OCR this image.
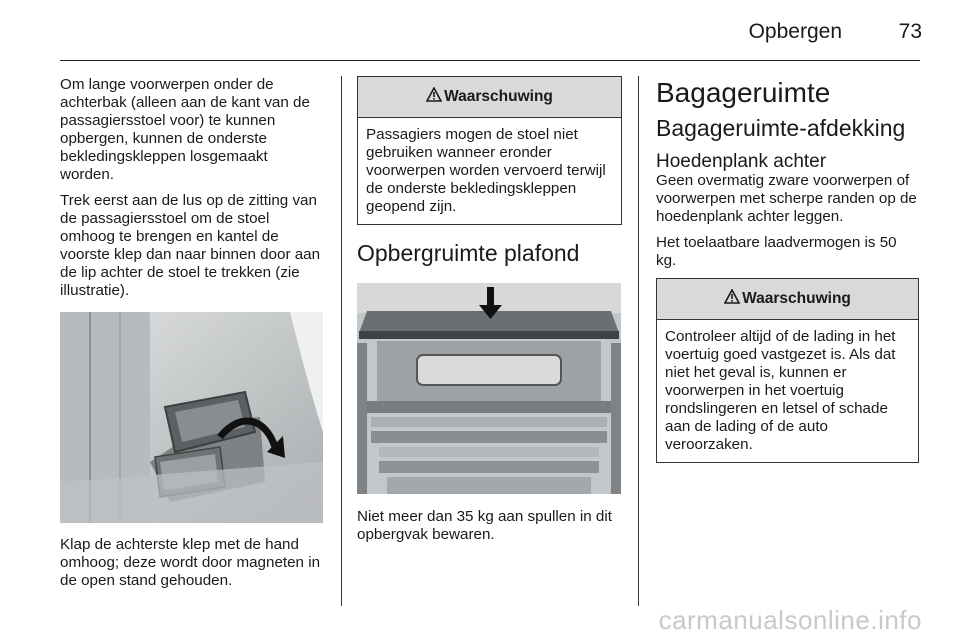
Opbergen	73

Om lange voorwerpen onder de achterbak (alleen aan de kant van de passagiersstoel voor) te kunnen opbergen, kunnen de onderste bekledingskleppen losgemaakt worden.

Trek eerst aan de lus op de zitting van de passagiersstoel om de stoel omhoog te brengen en kantel de voorste klep dan naar binnen door aan de lip achter de stoel te trekken (zie illustratie).

Klap de achterste klep met de hand omhoog; deze wordt door magneten in de open stand gehouden.

Waarschuwing
Passagiers mogen de stoel niet gebruiken wanneer eronder voorwerpen worden vervoerd terwijl de onderste bekledingskleppen geopend zijn.
Opbergruimte plafond

Niet meer dan 35 kg aan spullen in dit opbergvak bewaren.

Bagageruimte
Bagageruimte-afdekking
Hoedenplank achter

Geen overmatig zware voorwerpen of voorwerpen met scherpe randen op de hoedenplank achter leggen.

Het toelaatbare laadvermogen is 50 kg.

Waarschuwing
Controleer altijd of de lading in het voertuig goed vastgezet is. Als dat niet het geval is, kunnen er voorwerpen in het voertuig rondslingeren en letsel of schade aan de lading of de auto veroorzaken.
carmanualsonline.info
